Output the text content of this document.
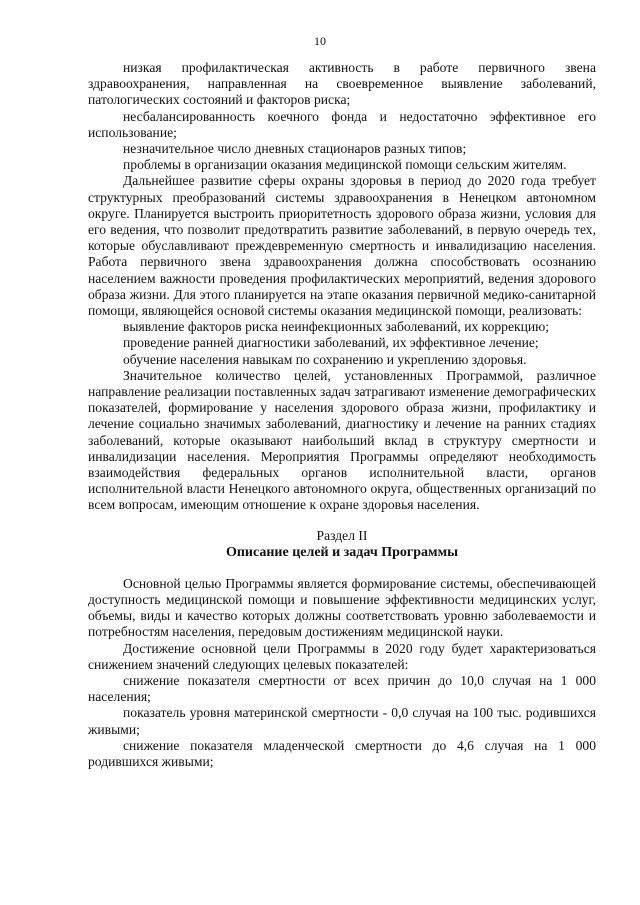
10

низкая профилактическая активность в работе первичного звена здравоохранения, направленная на своевременное выявление заболеваний, патологических состояний и факторов риска;

несбалансированность коечного фонда и недостаточно эффективное его использование;

незначительное число дневных стационаров разных типов;

проблемы в организации оказания медицинской помощи сельским жителям.

Дальнейшее развитие сферы охраны здоровья в период до 2020 года требует структурных преобразований системы здравоохранения в Ненецком автономном округе. Планируется выстроить приоритетность здорового образа жизни, условия для его ведения, что позволит предотвратить развитие заболеваний, в первую очередь тех, которые обуславливают преждевременную смертность и инвалидизацию населения. Работа первичного звена здравоохранения должна способствовать осознанию населением важности проведения профилактических мероприятий, ведения здорового образа жизни. Для этого планируется на этапе оказания первичной медико-санитарной помощи, являющейся основой системы оказания медицинской помощи, реализовать:

выявление факторов риска неинфекционных заболеваний, их коррекцию;

проведение ранней диагностики заболеваний, их эффективное лечение;

обучение населения навыкам по сохранению и укреплению здоровья.

Значительное количество целей, установленных Программой, различное направление реализации поставленных задач затрагивают изменение демографических показателей, формирование у населения здорового образа жизни, профилактику и лечение социально значимых заболеваний, диагностику и лечение на ранних стадиях заболеваний, которые оказывают наибольший вклад в структуру смертности и инвалидизации населения. Мероприятия Программы определяют необходимость взаимодействия федеральных органов исполнительной власти, органов исполнительной власти Ненецкого автономного округа, общественных организаций по всем вопросам, имеющим отношение к охране здоровья населения.

Раздел II
Описание целей и задач Программы

Основной целью Программы является формирование системы, обеспечивающей доступность медицинской помощи и повышение эффективности медицинских услуг, объемы, виды и качество которых должны соответствовать уровню заболеваемости и потребностям населения, передовым достижениям медицинской науки.

Достижение основной цели Программы в 2020 году будет характеризоваться снижением значений следующих целевых показателей:

снижение показателя смертности от всех причин до 10,0 случая на 1 000 населения;

показатель уровня материнской смертности - 0,0 случая на 100 тыс. родившихся живыми;

снижение показателя младенческой смертности до 4,6 случая на 1 000 родившихся живыми;
